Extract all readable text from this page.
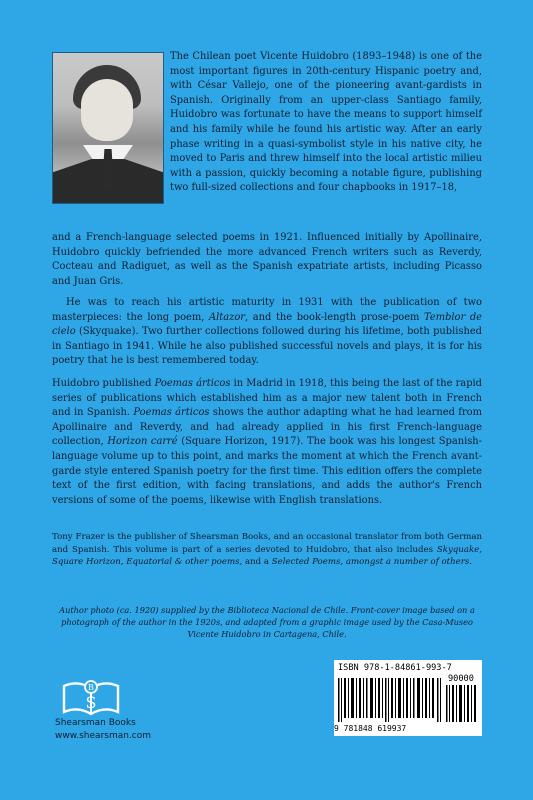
The Chilean poet Vicente Huidobro (1893–1948) is one of the most important figures in 20th-century Hispanic poetry and, with César Vallejo, one of the pioneering avant-gardists in Spanish. Originally from an upper-class Santiago family, Huidobro was fortunate to have the means to support himself and his family while he found his artistic way. After an early phase writing in a quasi-symbolist style in his native city, he moved to Paris and threw himself into the local artistic milieu with a passion, quickly becoming a notable figure, publishing two full-sized collections and four chapbooks in 1917–18,

and a French-language selected poems in 1921. Influenced initially by Apollinaire, Huidobro quickly befriended the more advanced French writers such as Reverdy, Cocteau and Radiguet, as well as the Spanish expatriate artists, including Picasso and Juan Gris.

He was to reach his artistic maturity in 1931 with the publication of two masterpieces: the long poem, Altazor, and the book-length prose-poem Temblor de cielo (Skyquake). Two further collections followed during his lifetime, both published in Santiago in 1941. While he also published successful novels and plays, it is for his poetry that he is best remembered today.

Huidobro published Poemas árticos in Madrid in 1918, this being the last of the rapid series of publications which established him as a major new talent both in French and in Spanish. Poemas árticos shows the author adapting what he had learned from Apollinaire and Reverdy, and had already applied in his first French-language collection, Horizon carré (Square Horizon, 1917). The book was his longest Spanish-language volume up to this point, and marks the moment at which the French avant-garde style entered Spanish poetry for the first time. This edition offers the complete text of the first edition, with facing translations, and adds the author's French versions of some of the poems, likewise with English translations.

Tony Frazer is the publisher of Shearsman Books, and an occasional translator from both German and Spanish. This volume is part of a series devoted to Huidobro, that also includes Skyquake, Square Horizon, Equatorial & other poems, and a Selected Poems, amongst a number of others.

Author photo (ca. 1920) supplied by the Biblioteca Nacional de Chile. Front-cover image based on a photograph of the author in the 1920s, and adapted from a graphic image used by the Casa-Museo Vicente Huidobro in Cartagena, Chile.

B
S
Shearsman Books
www.shearsman.com
ISBN 978-1-84861-993-7
90000
9 781848 619937
